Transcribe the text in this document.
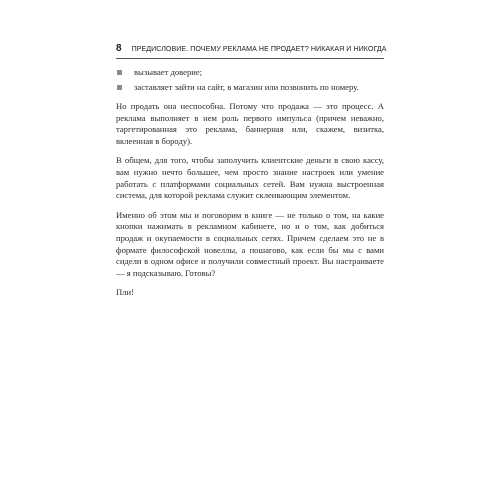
8 ПРЕДИСЛОВИЕ. ПОЧЕМУ РЕКЛАМА НЕ ПРОДАЕТ? НИКАКАЯ И НИКОГДА
вызывает доверие;
заставляет зайти на сайт, в магазин или позвонить по номеру.

Но продать она неспособна. Потому что продажа — это процесс. А реклама выполняет в нем роль первого импульса (причем неважно, таргетированная это реклама, баннерная или, скажем, визитка, вклеенная в бороду).

В общем, для того, чтобы заполучить клиентские деньги в свою кассу, вам нужно нечто большее, чем просто знание настроек или умение работать с платформами социальных сетей. Вам нужна выстроенная система, для которой реклама служит склеивающим элементом.

Именно об этом мы и поговорим в книге — не только о том, на какие кнопки нажимать в рекламном кабинете, но и о том, как добиться продаж и окупаемости в социальных сетях. Причем сделаем это не в формате философской новеллы, а пошагово, как если бы мы с вами сидели в одном офисе и получили совместный проект. Вы настраиваете — я подсказываю. Готовы?

Пли!
